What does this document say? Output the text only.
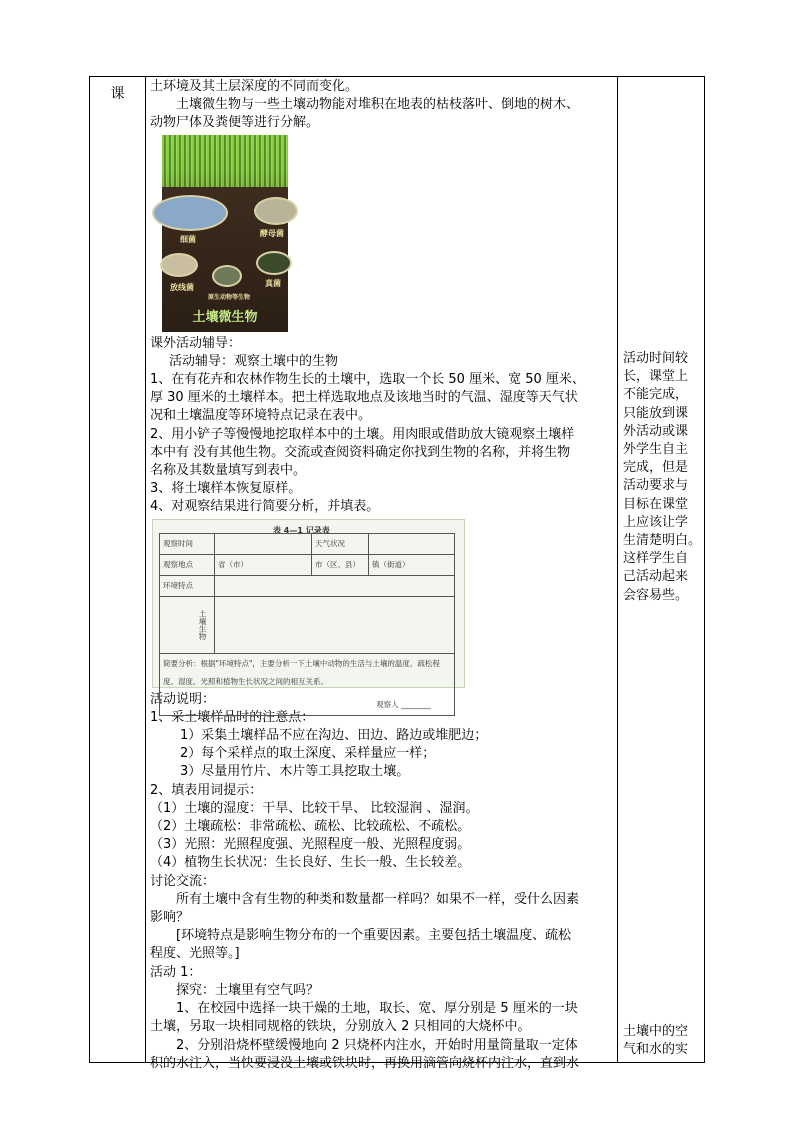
课	土环境及其土层深度的不同而变化。

土壤微生物与一些土壤动物能对堆积在地表的枯枝落叶、倒地的树木、

动物尸体及粪便等进行分解。

细菌
酵母菌
放线菌	真菌
原生动物等生物
土壤微生物

课外活动辅导：

活动辅导：观察土壤中的生物

1、在有花卉和农林作物生长的土壤中，选取一个长 50 厘米、宽 50 厘米、

厚 30 厘米的土壤样本。把土样选取地点及该地当时的气温、湿度等天气状

况和土壤温度等环境特点记录在表中。

2、用小铲子等慢慢地挖取样本中的土壤。用肉眼或借助放大镜观察土壤样

本中有 没有其他生物。交流或查阅资料确定你找到生物的名称，并将生物

名称及其数量填写到表中。

3、将土壤样本恢复原样。

4、对观察结果进行简要分析，并填表。

表 4—1 记录表
观察时间		天气状况	
观察地点	省（市）	市（区、县）	镇（街道）
环境特点			
土壤生物			

简要分析：根据"环境特点"，主要分析一下土壤中动物的生活与土壤的温度、疏松程度、湿度、光照和植物生长状况之间的相互关系。
观察人 ________			

活动说明：

1、采土壤样品时的注意点：

1）采集土壤样品不应在沟边、田边、路边或堆肥边；

2）每个采样点的取土深度、采样量应一样；

3）尽量用竹片、木片等工具挖取土壤。

2、填表用词提示：

（1）土壤的湿度：干旱、比较干旱、 比较湿润 、湿润。

（2）土壤疏松：非常疏松、疏松、比较疏松、不疏松。

（3）光照：光照程度强、光照程度一般、光照程度弱。

（4）植物生长状况：生长良好、生长一般、生长较差。

讨论交流：

所有土壤中含有生物的种类和数量都一样吗？如果不一样，受什么因素

影响？

[环境特点是影响生物分布的一个重要因素。主要包括土壤温度、疏松

程度、光照等。]

活动 1：

探究：土壤里有空气吗？

1、在校园中选择一块干燥的土地，取长、宽、厚分别是 5 厘米的一块

土壤，另取一块相同规格的铁块，分别放入 2 只相同的大烧杯中。

2、分别沿烧杯壁缓慢地向 2 只烧杯内注水，开始时用量筒量取一定体

积的水注入，当快要浸没土壤或铁块时，再换用滴管向烧杯内注水，直到水

活动时间较

长，课堂上

不能完成，

只能放到课

外活动或课

外学生自主

完成，但是

活动要求与

目标在课堂

上应该让学

生清楚明白。

这样学生自

己活动起来

会容易些。

土壤中的空

气和水的实
